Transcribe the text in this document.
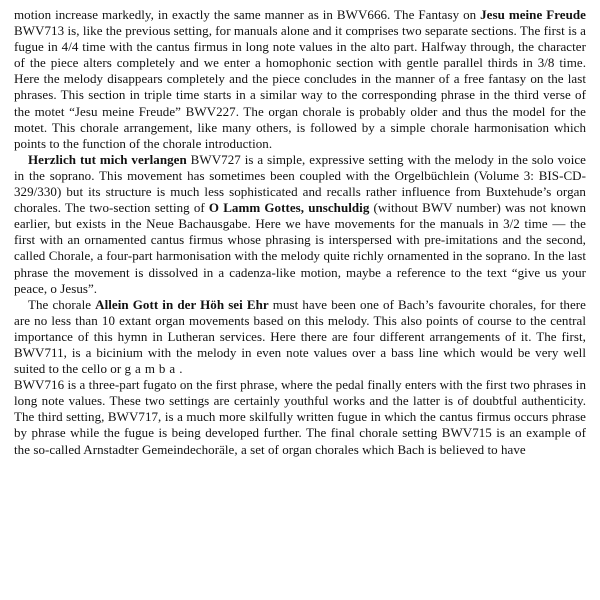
motion increase markedly, in exactly the same manner as in BWV666. The Fantasy on Jesu meine Freude BWV713 is, like the previous setting, for manuals alone and it comprises two separate sections. The first is a fugue in 4/4 time with the cantus firmus in long note values in the alto part. Halfway through, the character of the piece alters completely and we enter a homophonic section with gentle parallel thirds in 3/8 time. Here the melody disappears completely and the piece concludes in the manner of a free fantasy on the last phrases. This section in triple time starts in a similar way to the corresponding phrase in the third verse of the motet “Jesu meine Freude” BWV227. The organ chorale is probably older and thus the model for the motet. This chorale arrangement, like many others, is followed by a simple chorale harmonisation which points to the function of the chorale introduction.

Herzlich tut mich verlangen BWV727 is a simple, expressive setting with the melody in the solo voice in the soprano. This movement has sometimes been coupled with the Orgelbüchlein (Volume 3: BIS-CD-329/330) but its structure is much less sophisticated and recalls rather influence from Buxtehude’s organ chorales. The two-section setting of O Lamm Gottes, unschuldig (without BWV number) was not known earlier, but exists in the Neue Bachausgabe. Here we have movements for the manuals in 3/2 time — the first with an ornamented cantus firmus whose phrasing is interspersed with pre-imitations and the second, called Chorale, a four-part harmonisation with the melody quite richly ornamented in the soprano. In the last phrase the movement is dissolved in a cadenza-like motion, maybe a reference to the text “give us your peace, o Jesus”.

The chorale Allein Gott in der Höh sei Ehr must have been one of Bach’s favourite chorales, for there are no less than 10 extant organ movements based on this melody. This also points of course to the central importance of this hymn in Lutheran services. Here there are four different arrangements of it. The first, BWV711, is a bicinium with the melody in even note values over a bass line which would be very well suited to the cello or gamba.

BWV716 is a three-part fugato on the first phrase, where the pedal finally enters with the first two phrases in long note values. These two settings are certainly youthful works and the latter is of doubtful authenticity. The third setting, BWV717, is a much more skilfully written fugue in which the cantus firmus occurs phrase by phrase while the fugue is being developed further. The final chorale setting BWV715 is an example of the so-called Arnstadter Gemeindechoräle, a set of organ chorales which Bach is believed to have
